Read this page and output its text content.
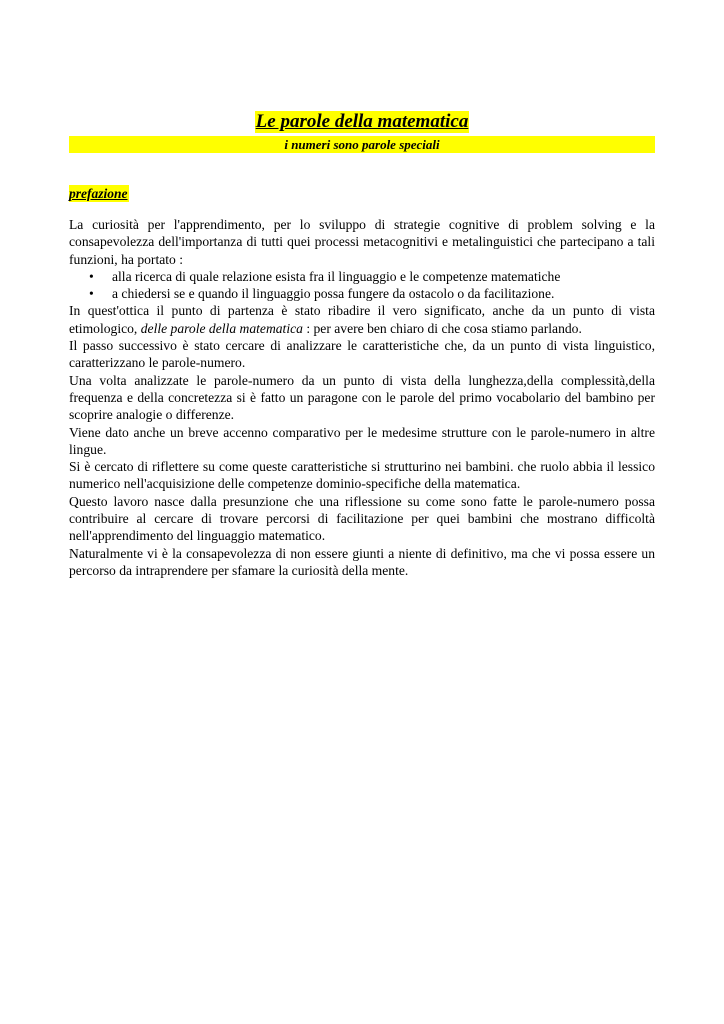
Le parole della matematica
i numeri sono parole speciali
prefazione

La curiosità per l'apprendimento, per lo sviluppo di strategie cognitive di problem solving e la consapevolezza dell'importanza di tutti quei processi metacognitivi e metalinguistici che partecipano a tali funzioni, ha portato :

• alla ricerca di quale relazione esista fra il linguaggio e le competenze matematiche
• a chiedersi se e quando il linguaggio possa fungere da ostacolo o da facilitazione.

In quest'ottica il punto di partenza è stato ribadire il vero significato, anche da un punto di vista etimologico, delle parole della matematica : per avere ben chiaro di che cosa stiamo parlando.

Il passo successivo è stato cercare di analizzare le caratteristiche che, da un punto di vista linguistico, caratterizzano le parole-numero.

Una volta analizzate le parole-numero da un punto di vista della lunghezza,della complessità,della frequenza e della concretezza si è fatto un paragone con le parole del primo vocabolario del bambino per scoprire analogie o differenze.

Viene dato anche un breve accenno comparativo per le medesime strutture con le parole-numero in altre lingue.

Si è cercato di riflettere su come queste caratteristiche si strutturino nei bambini. che ruolo abbia il lessico numerico nell'acquisizione delle competenze dominio-specifiche della matematica.

Questo lavoro nasce dalla presunzione che una riflessione su come sono fatte le parole-numero possa contribuire al cercare di trovare percorsi di facilitazione per quei bambini che mostrano difficoltà nell'apprendimento del linguaggio matematico.

Naturalmente vi è la consapevolezza di non essere giunti a niente di definitivo, ma che vi possa essere un percorso da intraprendere per sfamare la curiosità della mente.
